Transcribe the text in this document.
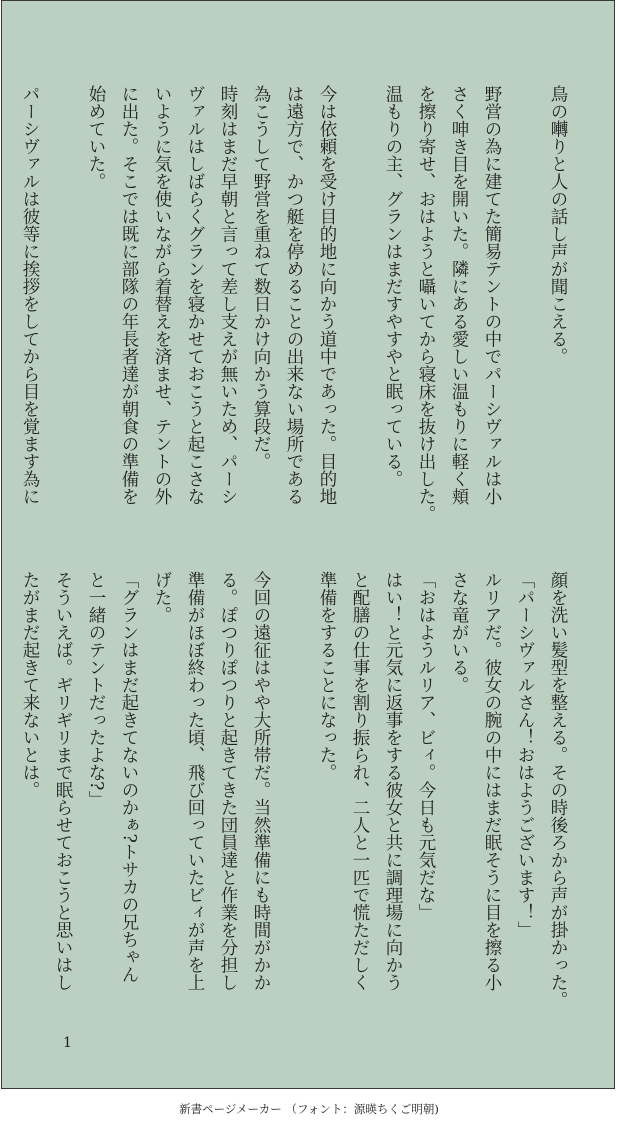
鳥の囀りと人の話し声が聞こえる。

野営の為に建てた簡易テントの中でパーシヴァルは小
さく呻き目を開いた。隣にある愛しい温もりに軽く頬
を擦り寄せ、おはようと囁いてから寝床を抜け出した。
温もりの主、グランはまだすやすやと眠っている。

今は依頼を受け目的地に向かう道中であった。目的地
は遠方で、かつ艇を停めることの出来ない場所である
為こうして野営を重ねて数日かけ向かう算段だ。
時刻はまだ早朝と言って差し支えが無いため、パーシ
ヴァルはしばらくグランを寝かせておこうと起こさな
いように気を使いながら着替えを済ませ、テントの外
に出た。そこでは既に部隊の年長者達が朝食の準備を
始めていた。

パーシヴァルは彼等に挨拶をしてから目を覚ます為に
顔を洗い髪型を整える。その時後ろから声が掛かった。
「パーシヴァルさん！おはようございます！」
ルリアだ。彼女の腕の中にはまだ眠そうに目を擦る小
さな竜がいる。
「おはようルリア、ビィ。今日も元気だな」
はい！と元気に返事をする彼女と共に調理場に向かう
と配膳の仕事を割り振られ、二人と一匹で慌ただしく
準備をすることになった。

今回の遠征はやや大所帯だ。当然準備にも時間がかか
る。ぽつりぽつりと起きてきた団員達と作業を分担し
準備がほぼ終わった頃、飛び回っていたビィが声を上
げた。
「グランはまだ起きてないのかぁ?トサカの兄ちゃん
と一緒のテントだったよな?」
そういえば。ギリギリまで眠らせておこうと思いはし
たがまだ起きて来ないとは。
1
新書ページメーカー （フォント：源暎ちくご明朝)
